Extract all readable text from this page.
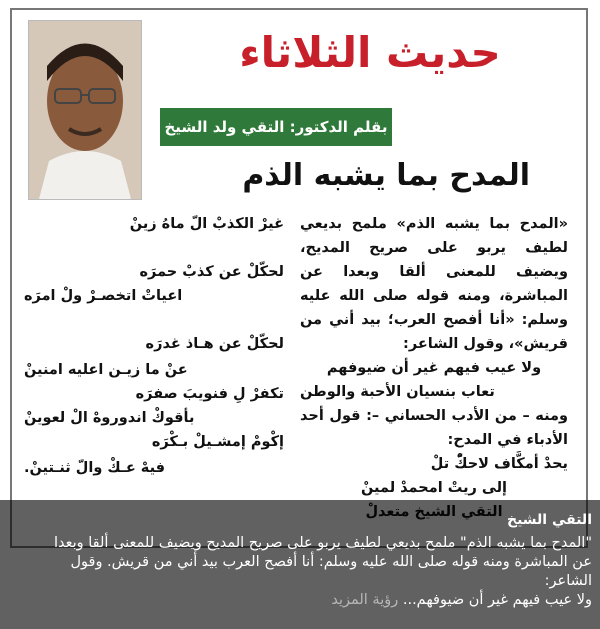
حديث الثلاثاء
بقلم الدكتور: التقي ولد الشيخ
المدح بما يشبه الذم

«المدح بما يشبه الذم» ملمح بديعي لطيف يربو على صريح المديح، ويضيف للمعنى ألقا وبعدا عن المباشرة، ومنه قوله صلى الله عليه وسلم: «أنا أفصح العرب؛ بيد أني من قريش»، وقول الشاعر:

ولا عيب فيهم غير أن ضيوفهم

تعاب بنسيان الأحبة والوطن

ومنه – من الأدب الحساني –: قول أحد الأدباء في المدح:

يحدْ أمكَّاف لاحكّْ تلْ

إلى ريتْ امحمدْ لمينْ

غيرْ الكذبْ الّ ماهُ زينْ
لحكّلْ عن كذبْ حمرَه
اعياتْ اتخصـرْ ولْ امرَه
لحكّلْ عن هـاذ غدرَه
عنْ ما زيـن اعليه امنينْ
تكفرْ لِ فنويبَ صفرَه
بأقوكْ اندوروهْ الْ لعوينْ
إكْومْ إمشـيلْ بـكْرَه
فيهْ عـكْ والّ ثنـتينْ.
التقي الشيخ
"المدح بما يشبه الذم" ملمح بديعي لطيف يربو على صريح المديح ويضيف للمعنى ألقا وبعدا
عن المباشرة ومنه قوله صلى الله عليه وسلم: أنا أفصح العرب بيد أني من قريش. وقول
الشاعر:
ولا عيب فيهم غير أن ضيوفهم... رؤية المزيد
